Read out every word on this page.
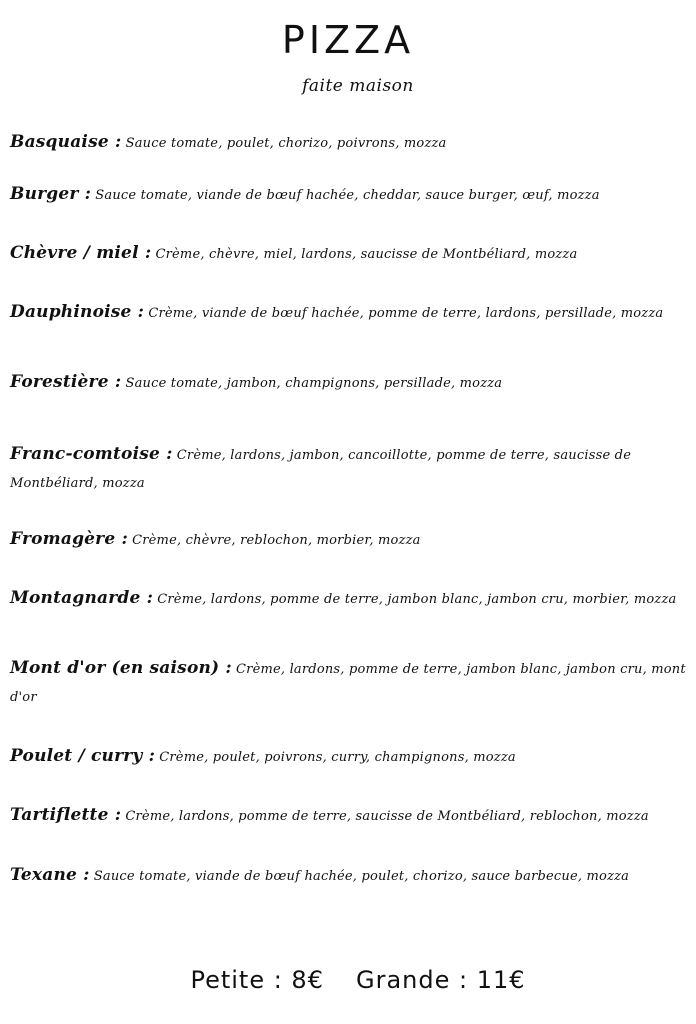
PIZZA
faite maison
Basquaise : Sauce tomate, poulet, chorizo, poivrons, mozza
Burger : Sauce tomate, viande de bœuf hachée, cheddar, sauce burger, œuf, mozza
Chèvre / miel : Crème, chèvre, miel, lardons, saucisse de Montbéliard, mozza
Dauphinoise : Crème, viande de bœuf hachée, pomme de terre, lardons, persillade, mozza
Forestière : Sauce tomate, jambon, champignons, persillade, mozza
Franc-comtoise : Crème, lardons, jambon, cancoillotte, pomme de terre, saucisse de Montbéliard, mozza
Fromagère : Crème, chèvre, reblochon, morbier, mozza
Montagnarde : Crème, lardons, pomme de terre, jambon blanc, jambon cru, morbier, mozza
Mont d'or (en saison) : Crème, lardons, pomme de terre, jambon blanc, jambon cru, mont d'or
Poulet / curry : Crème, poulet, poivrons, curry, champignons, mozza
Tartiflette : Crème, lardons, pomme de terre, saucisse de Montbéliard, reblochon, mozza
Texane : Sauce tomate, viande de bœuf hachée, poulet, chorizo, sauce barbecue, mozza
Petite : 8€ Grande : 11€
